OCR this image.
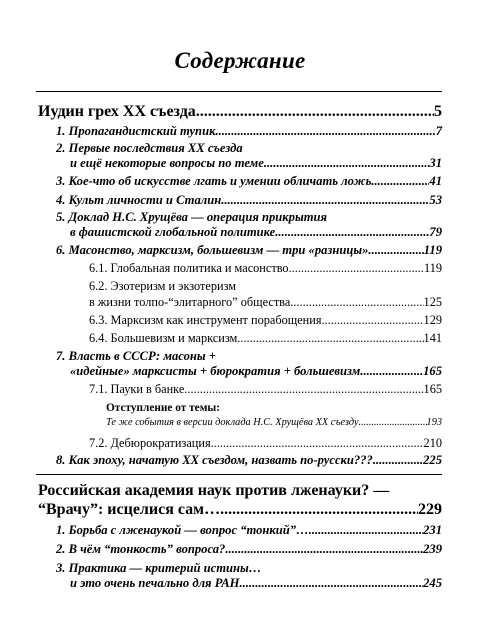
Содержание
Иудин грех XX съезда .....	5
1. Пропагандистский тупик .....	7
2. Первые последствия XX съезда
и ещё некоторые вопросы по теме .....	31
3. Кое-что об искусстве лгать и умении обличать ложь .....	41
4. Культ личности и Сталин .....	53
5. Доклад Н.С. Хрущёва — операция прикрытия
в фашистской глобальной политике .....	79
6. Масонство, марксизм, большевизм — три «разницы» .....	119
6.1. Глобальная политика и масонство .....	119
6.2. Эзотеризм и экзотеризм
в жизни толпо-“элитарного” общества .....	125
6.3. Марксизм как инструмент порабощения .....	129
6.4. Большевизм и марксизм .....	141
7. Власть в СССР: масоны +
«идейные» марксисты + бюрократия + большевизм .....	165
7.1. Пауки в банке .....	165
Отступление от темы:
Те же события в версии доклада Н.С. Хрущёва XX съезду .....	193
7.2. Дебюрократизация .....	210
8. Как эпоху, начатую XX съездом, назвать по-русски??? .....	225
Российская академия наук против лженауки? —
“Врачу”: исцелися сам… .....	229
1. Борьба с лженаукой — вопрос “тонкий”… .....	231
2. В чём “тонкость” вопроса? .....	239
3. Практика — критерий истины…
и это очень печально для РАН .....	245
